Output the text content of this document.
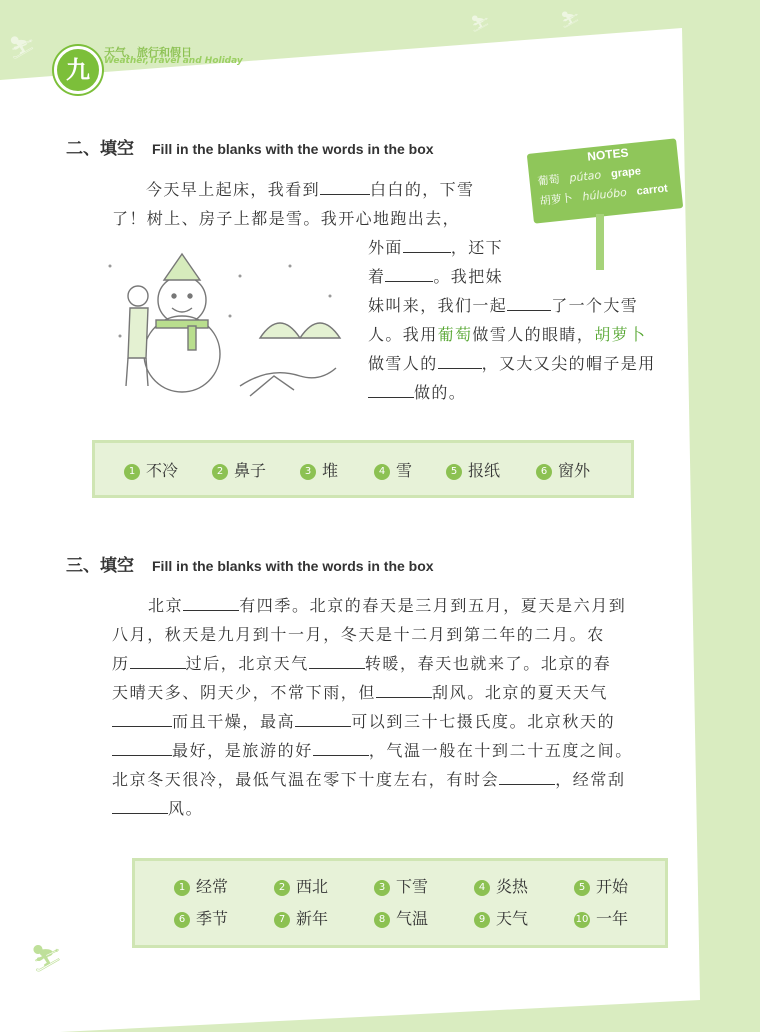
⛷
⛷	⛷
⛷
九
天气、旅行和假日
Weather,Travel and Holiday
二、填空 Fill in the blanks with the words in the box	NOTES
葡萄 pútao grape
胡萝卜 húluóbo carrot
今天早上起床，我看到	白白的，下雪
了！树上、房子上都是雪。我开心地跑出去，
外面	，还下
着	。我把妹
妹叫来，我们一起	了一个大雪
人。我用葡萄做雪人的眼睛，胡萝卜
做雪人的	，又大又尖的帽子是用
做的。
1 不冷	2 鼻子	3 堆	4 雪	5 报纸	6 窗外
三、填空 Fill in the blanks with the words in the box
北京	有四季。北京的春天是三月到五月，夏天是六月到
八月，秋天是九月到十一月，冬天是十二月到第二年的二月。农
历	过后，北京天气	转暖，春天也就来了。北京的春
天晴天多、阴天少，不常下雨，但	刮风。北京的夏天天气
而且干燥，最高	可以到三十七摄氏度。北京秋天的
最好，是旅游的好	，气温一般在十到二十五度之间。
北京冬天很冷，最低气温在零下十度左右，有时会	，经常刮
风。
1 经常	2 西北	3 下雪	4 炎热	5 开始
6 季节	7 新年	8 气温	9 天气	10 一年
